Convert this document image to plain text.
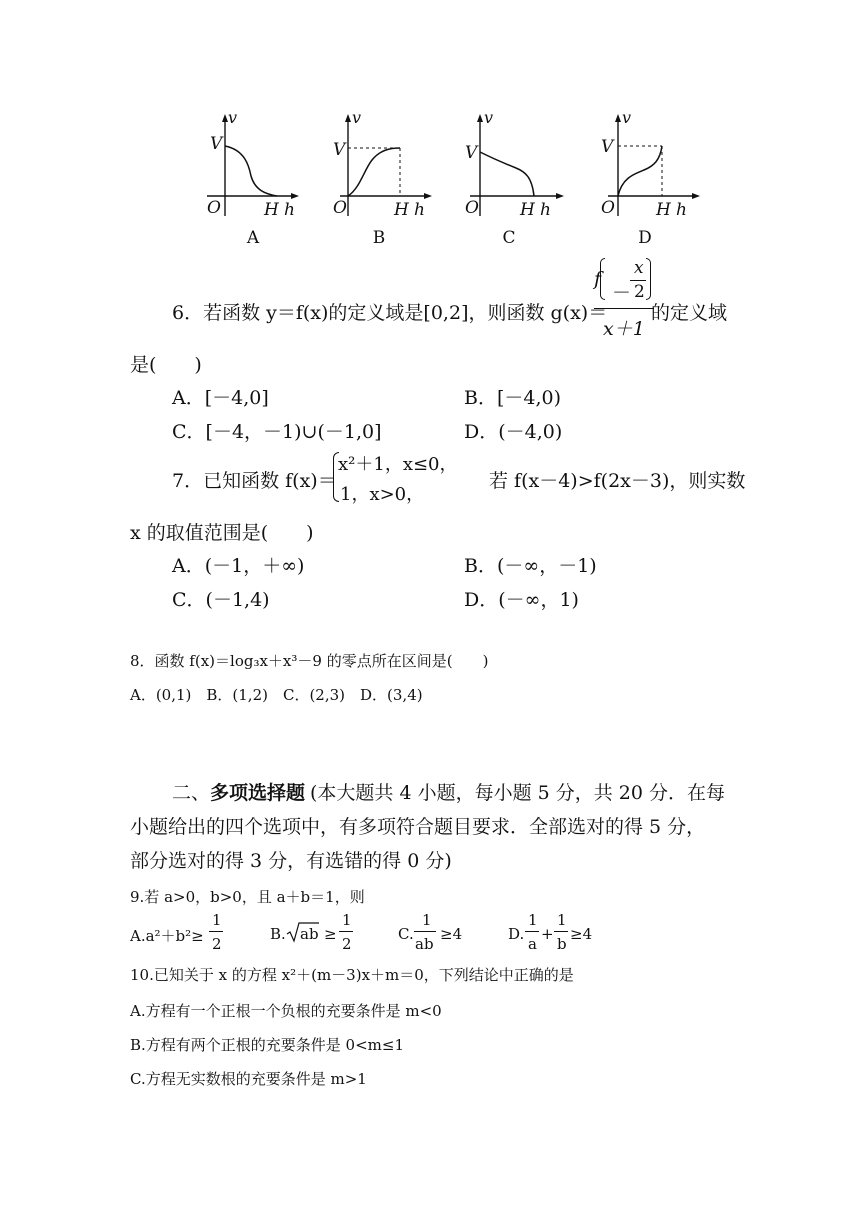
v
V
O	H h
A
v
V
O	H h
B
v
V
O H h
C
v
V
O H h
D
6．若函数 y＝f(x)的定义域是[0,2]，则函数 g(x)＝
f
－
x
2
x＋1
的定义域
是(　　)
A．[－4,0]	B．[－4,0)
C．[－4，－1)∪(－1,0]	D．(－4,0)
7．已知函数 f(x)＝
x²＋1，x≤0，
1，x>0，
若 f(x－4)>f(2x－3)，则实数
x 的取值范围是(　　)
A．(－1，＋∞)	B．(－∞，－1)
C．(－1,4)	D．(－∞，1)
8．函数 f(x)＝log₃x＋x³－9 的零点所在区间是(　　)
A．(0,1)　B．(1,2)　C．(2,3)　D．(3,4)
二、 多项选择题 (本大题共 4 小题，每小题 5 分，共 20 分．在每
小题给出的四个选项中，有多项符合题目要求．全部选对的得 5 分，
部分选对的得 3 分，有选错的得 0 分)
9.若 a>0，b>0，且 a＋b＝1，则
A.a²＋b²≥
1
2
B. ab ≥
1
2
C.
1
ab
≥4	D.
1
a
+
1
b
≥4
10.已知关于 x 的方程 x²＋(m－3)x＋m＝0，下列结论中正确的是
A.方程有一个正根一个负根的充要条件是 m<0
B.方程有两个正根的充要条件是 0<m≤1
C.方程无实数根的充要条件是 m>1
